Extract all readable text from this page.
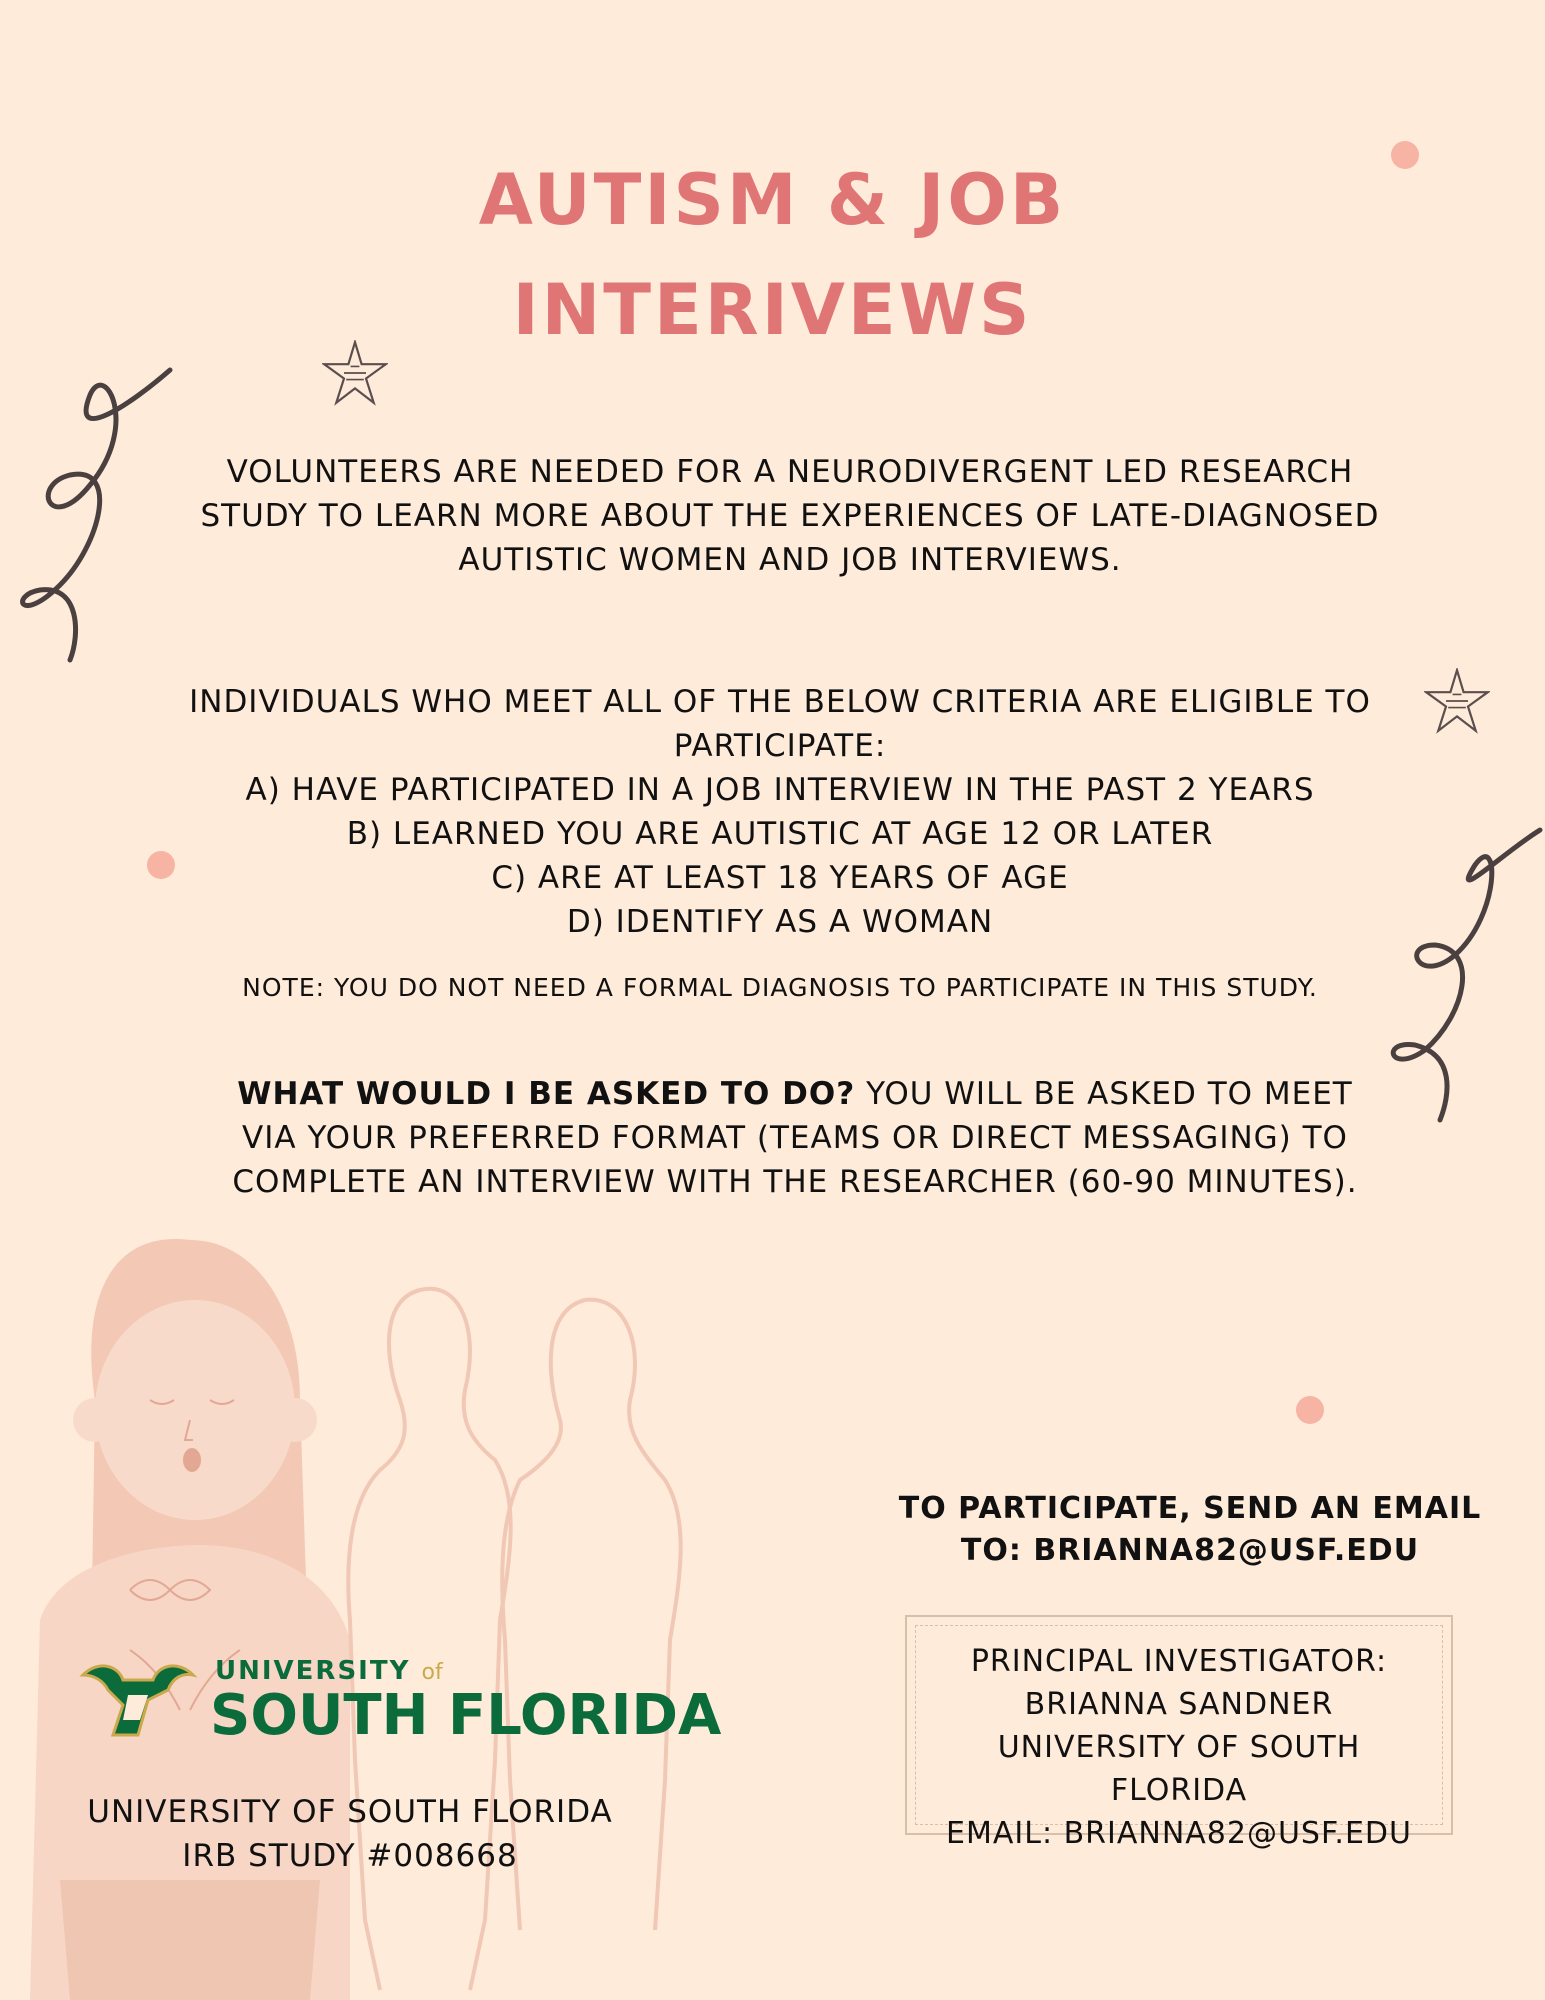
AUTISM & JOB
INTERIVEWS
VOLUNTEERS ARE NEEDED FOR A NEURODIVERGENT LED RESEARCH STUDY TO LEARN MORE ABOUT THE EXPERIENCES OF LATE-DIAGNOSED AUTISTIC WOMEN AND JOB INTERVIEWS.
INDIVIDUALS WHO MEET ALL OF THE BELOW CRITERIA ARE ELIGIBLE TO PARTICIPATE:
A) HAVE PARTICIPATED IN A JOB INTERVIEW IN THE PAST 2 YEARS
B) LEARNED YOU ARE AUTISTIC AT AGE 12 OR LATER
C) ARE AT LEAST 18 YEARS OF AGE
D) IDENTIFY AS A WOMAN
NOTE: YOU DO NOT NEED A FORMAL DIAGNOSIS TO PARTICIPATE IN THIS STUDY.
WHAT WOULD I BE ASKED TO DO? YOU WILL BE ASKED TO MEET VIA YOUR PREFERRED FORMAT (TEAMS OR DIRECT MESSAGING) TO COMPLETE AN INTERVIEW WITH THE RESEARCHER (60-90 MINUTES).
TO PARTICIPATE, SEND AN EMAIL
TO: BRIANNA82@USF.EDU
PRINCIPAL INVESTIGATOR:
BRIANNA SANDNER
UNIVERSITY OF SOUTH
FLORIDA
EMAIL: BRIANNA82@USF.EDU
UNIVERSITY of
SOUTH FLORIDA
UNIVERSITY OF SOUTH FLORIDA
IRB STUDY #008668
